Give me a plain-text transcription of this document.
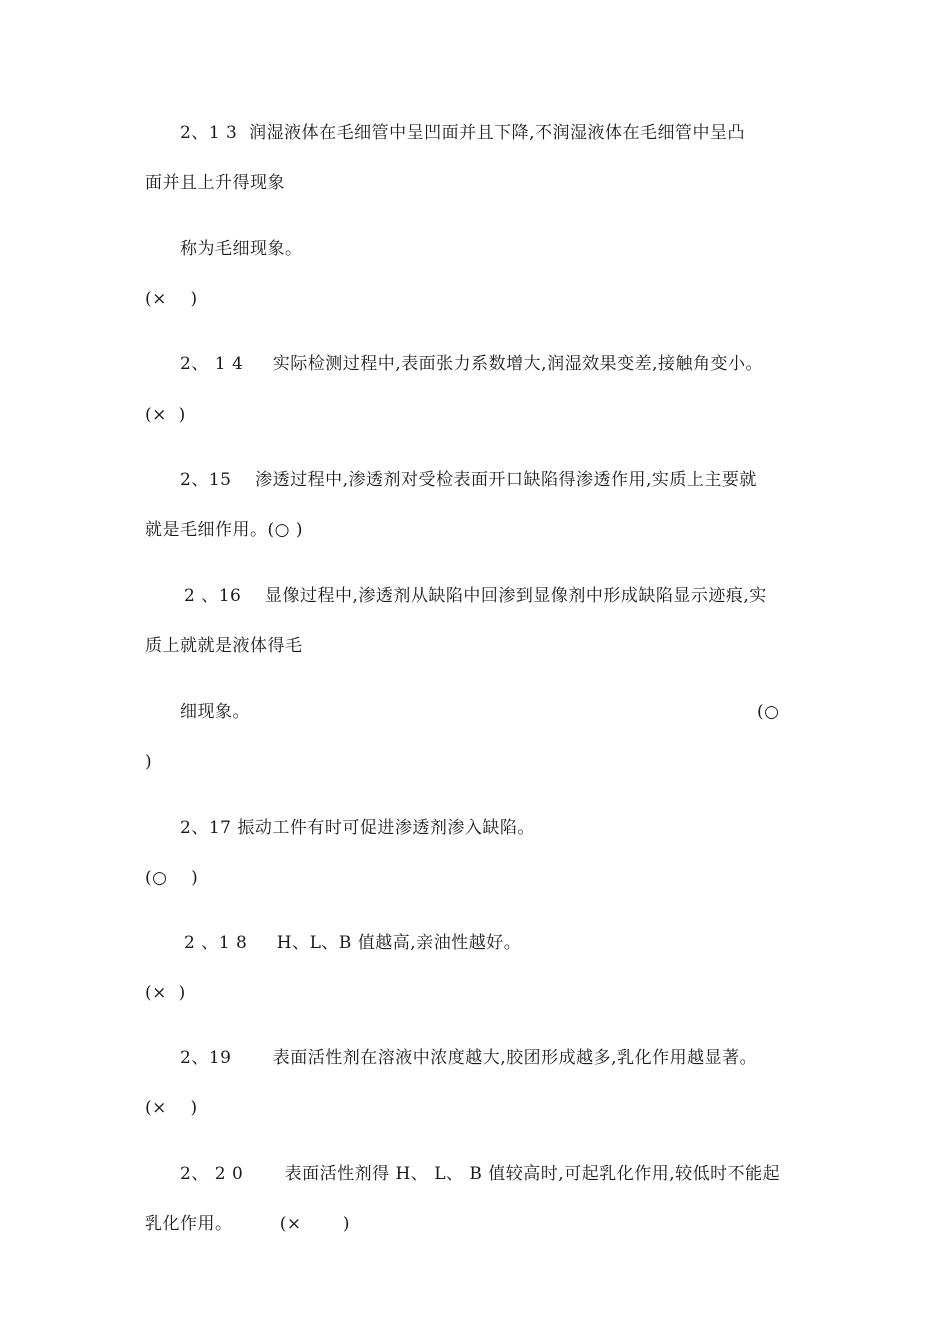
2、1 3  润湿液体在毛细管中呈凹面并且下降,不润湿液体在毛细管中呈凸
面并且上升得现象
称为毛细现象。
(×    )
2、 1 4     实际检测过程中,表面张力系数增大,润湿效果变差,接触角变小。
(×  )
2、15    渗透过程中,渗透剂对受检表面开口缺陷得渗透作用,实质上主要就
就是毛细作用。(○ )
2 、16    显像过程中,渗透剂从缺陷中回渗到显像剂中形成缺陷显示迹痕,实
质上就就是液体得毛
细现象。	(○
)
2、17 振动工件有时可促进渗透剂渗入缺陷。
(○    )
2 、1 8     H、L、B 值越高,亲油性越好。
(×  )
2、19       表面活性剂在溶液中浓度越大,胶团形成越多,乳化作用越显著。
(×    )
2、 2 0       表面活性剂得 H、 L、 B 值较高时,可起乳化作用,较低时不能起
乳化作用。        (×       )
